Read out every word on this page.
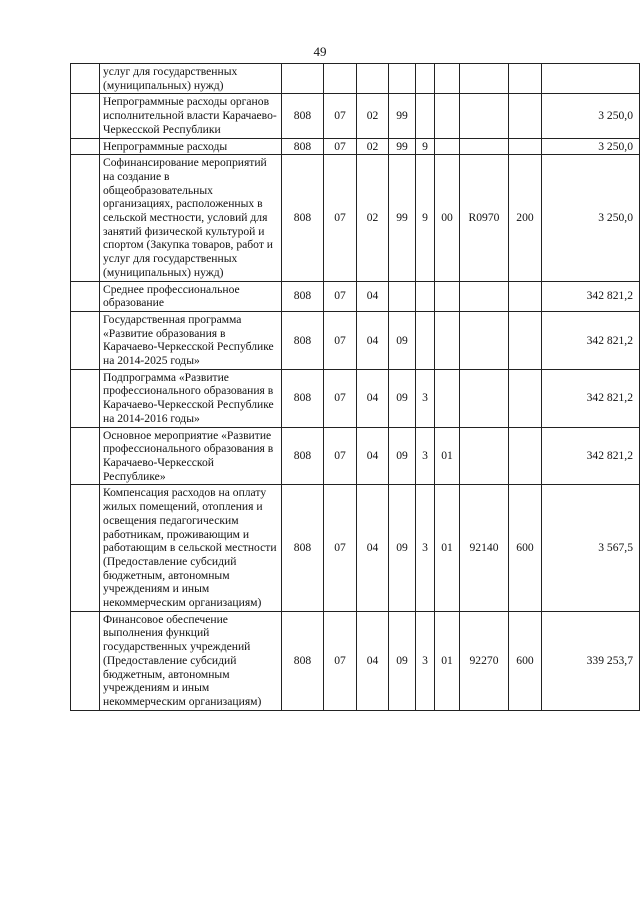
49
	услуг для государственных (муниципальных) нужд)									
	Непрограммные расходы органов исполнительной власти Карачаево-Черкесской Республики	808	07	02	99					3 250,0
	Непрограммные расходы	808	07	02	99	9				3 250,0
	Софинансирование мероприятий на создание в общеобразовательных организациях, расположенных в сельской местности, условий для занятий физической культурой и спортом (Закупка товаров, работ и услуг для государственных (муниципальных) нужд)	808	07	02	99	9	00	R0970	200	3 250,0
	Среднее профессиональное образование	808	07	04						342 821,2
	Государственная программа «Развитие образования в Карачаево-Черкесской Республике на 2014-2025 годы»	808	07	04	09					342 821,2
	Подпрограмма «Развитие профессионального образования в Карачаево-Черкесской Республике на 2014-2016 годы»	808	07	04	09	3				342 821,2
	Основное мероприятие «Развитие профессионального образования в Карачаево-Черкесской Республике»	808	07	04	09	3	01			342 821,2
	Компенсация расходов на оплату жилых помещений, отопления и освещения педагогическим работникам, проживающим и работающим в сельской местности (Предоставление субсидий бюджетным, автономным учреждениям и иным некоммерческим организациям)	808	07	04	09	3	01	92140	600	3 567,5
	Финансовое обеспечение выполнения функций государственных учреждений (Предоставление субсидий бюджетным, автономным учреждениям и иным некоммерческим организациям)	808	07	04	09	3	01	92270	600	339 253,7
